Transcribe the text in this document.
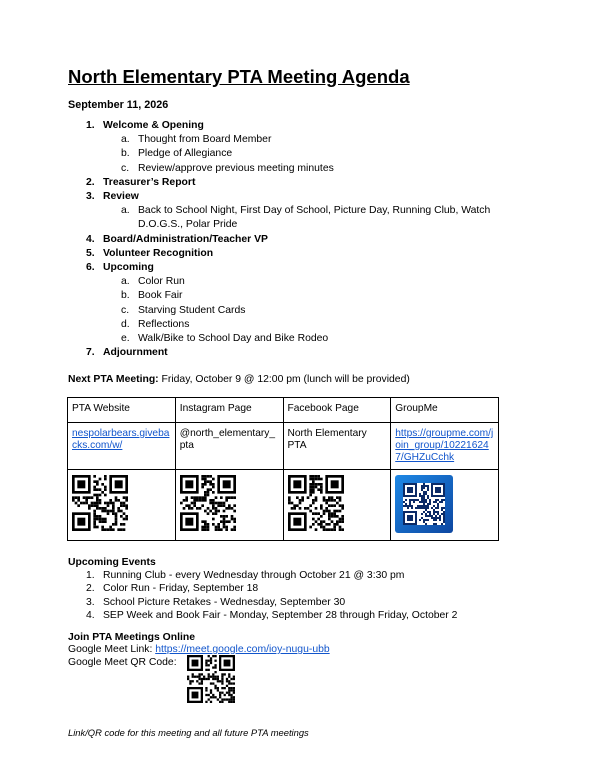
North Elementary PTA Meeting Agenda
September 11, 2026
1. Welcome & Opening
a. Thought from Board Member
b. Pledge of Allegiance
c. Review/approve previous meeting minutes
2. Treasurer’s Report
3. Review
a. Back to School Night, First Day of School, Picture Day, Running Club, Watch D.O.G.S., Polar Pride
4. Board/Administration/Teacher VP
5. Volunteer Recognition
6. Upcoming
a. Color Run
b. Book Fair
c. Starving Student Cards
d. Reflections
e. Walk/Bike to School Day and Bike Rodeo
7. Adjournment
Next PTA Meeting: Friday, October 9 @ 12:00 pm (lunch will be provided)
PTA Website	Instagram Page	Facebook Page	GroupMe
nespolarbears.givebacks.com/w/	@north_elementary_pta	North Elementary PTA	https://groupme.com/join_group/102216247/GHZuCchk

Upcoming Events
1. Running Club - every Wednesday through October 21 @ 3:30 pm
2. Color Run - Friday, September 18
3. School Picture Retakes - Wednesday, September 30
4. SEP Week and Book Fair - Monday, September 28 through Friday, October 2
Join PTA Meetings Online
Google Meet Link: https://meet.google.com/ioy-nugu-ubb
Google Meet QR Code:
Link/QR code for this meeting and all future PTA meetings
